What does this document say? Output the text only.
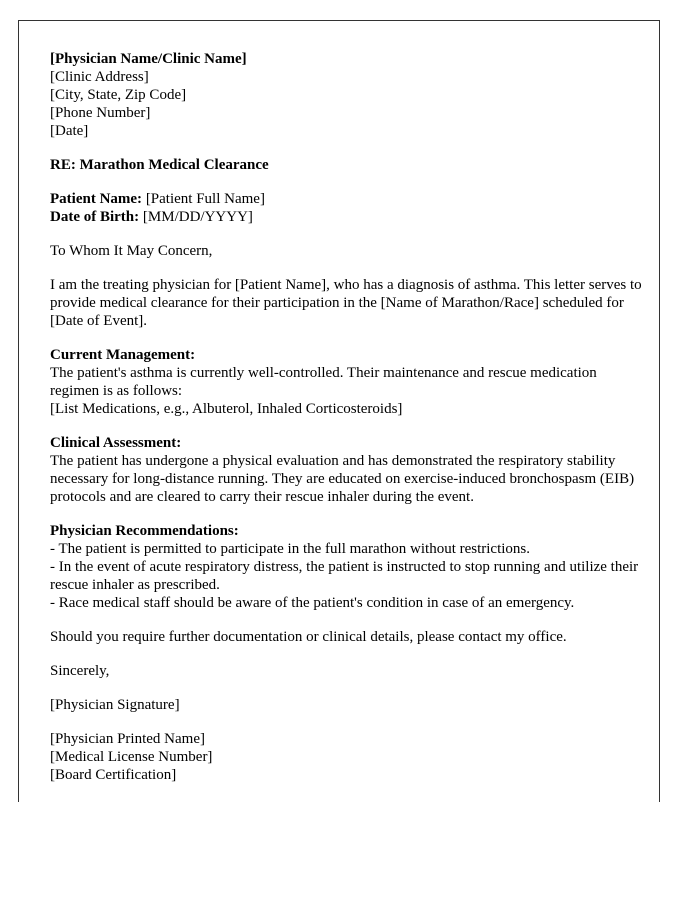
[Physician Name/Clinic Name]
[Clinic Address]
[City, State, Zip Code]
[Phone Number]
[Date]
RE: Marathon Medical Clearance
Patient Name: [Patient Full Name]
Date of Birth: [MM/DD/YYYY]

To Whom It May Concern,

I am the treating physician for [Patient Name], who has a diagnosis of asthma. This letter serves to provide medical clearance for their participation in the [Name of Marathon/Race] scheduled for [Date of Event].

Current Management:
The patient's asthma is currently well-controlled. Their maintenance and rescue medication regimen is as follows:
[List Medications, e.g., Albuterol, Inhaled Corticosteroids]
Clinical Assessment:
The patient has undergone a physical evaluation and has demonstrated the respiratory stability necessary for long-distance running. They are educated on exercise-induced bronchospasm (EIB) protocols and are cleared to carry their rescue inhaler during the event.
Physician Recommendations:
- The patient is permitted to participate in the full marathon without restrictions.
- In the event of acute respiratory distress, the patient is instructed to stop running and utilize their rescue inhaler as prescribed.
- Race medical staff should be aware of the patient's condition in case of an emergency.

Should you require further documentation or clinical details, please contact my office.

Sincerely,

[Physician Signature]

[Physician Printed Name]
[Medical License Number]
[Board Certification]
